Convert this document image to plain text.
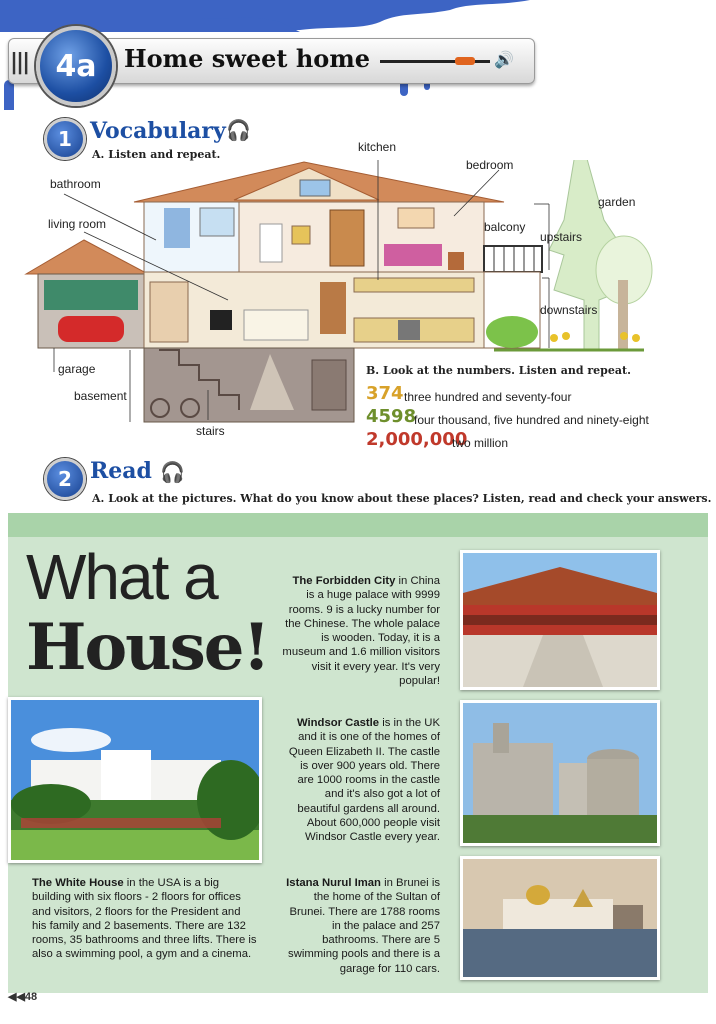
||| 4a	Home sweet home	🔊
1 Vocabulary 🎧
A. Listen and repeat.
kitchen
bedroom
bathroom
living room
garden
balcony
upstairs
downstairs
garage
basement
stairs
B. Look at the numbers. Listen and repeat.
374 three hundred and seventy-four
4598
four thousand, five hundred and ninety-eight
2,000,000
two million
2 Read 🎧
A. Look at the pictures. What do you know about these places? Listen, read and check your answers.
What a
House!
The Forbidden City in China is a huge palace with 9999 rooms. 9 is a lucky number for the Chinese. The whole palace is wooden. Today, it is a museum and 1.6 million visitors visit it every year. It's very popular!
Windsor Castle is in the UK and it is one of the homes of Queen Elizabeth II. The castle is over 900 years old. There are 1000 rooms in the castle and it's also got a lot of beautiful gardens all around. About 600,000 people visit Windsor Castle every year.
The White House in the USA is a big building with six floors - 2 floors for offices and visitors, 2 floors for the President and his family and 2 basements. There are 132 rooms, 35 bathrooms and three lifts. There is also a swimming pool, a gym and a cinema.
Istana Nurul Iman in Brunei is the home of the Sultan of Brunei. There are 1788 rooms in the palace and 257 bathrooms. There are 5 swimming pools and there is a garage for 110 cars.
◀◀48
